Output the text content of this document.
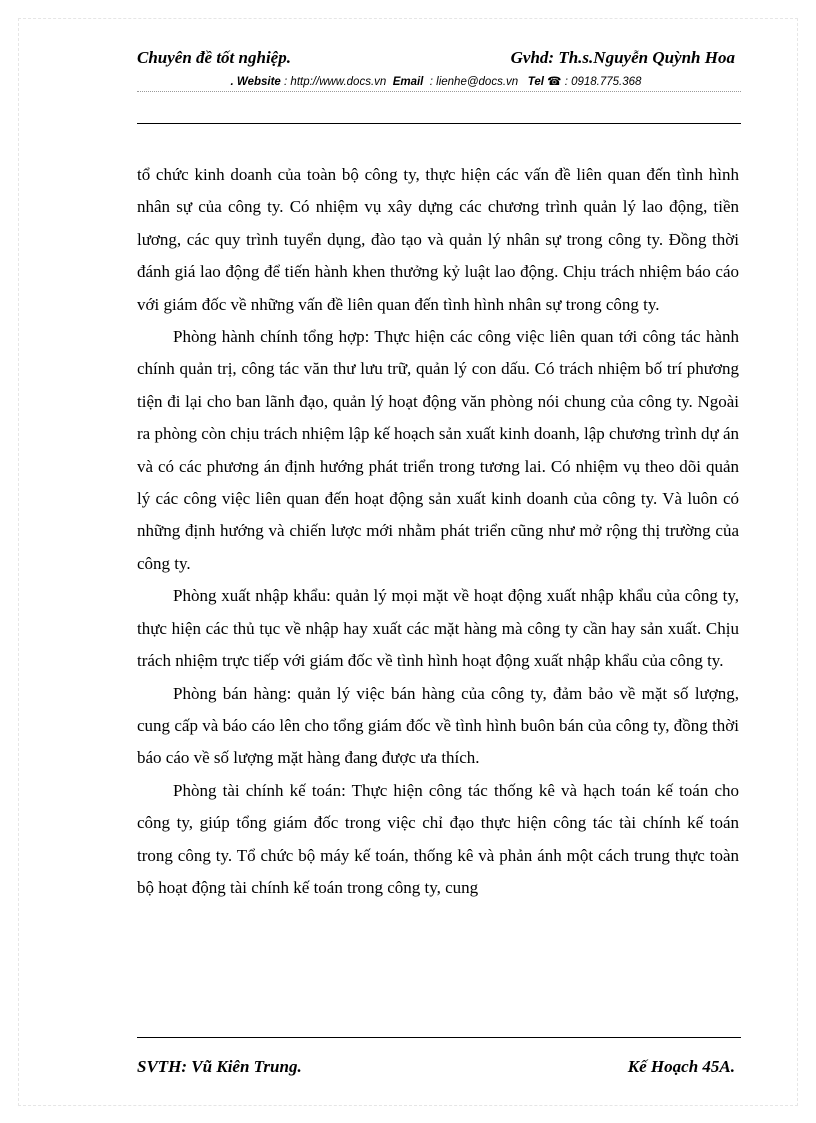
Chuyên đề tốt nghiệp.	Gvhd: Th.s.Nguyễn Quỳnh Hoa
. Website : http://www.docs.vn Email : lienhe@docs.vn Tel ☎ : 0918.775.368

tổ chức kinh doanh của toàn bộ công ty, thực hiện các vấn đề liên quan đến tình hình nhân sự của công ty. Có nhiệm vụ xây dựng các chương trình quản lý lao động, tiền lương, các quy trình tuyển dụng, đào tạo và quản lý nhân sự trong công ty. Đồng thời đánh giá lao động để tiến hành khen thưởng kỷ luật lao động. Chịu trách nhiệm báo cáo với giám đốc về những vấn đề liên quan đến tình hình nhân sự trong công ty.

Phòng hành chính tổng hợp: Thực hiện các công việc liên quan tới công tác hành chính quản trị, công tác văn thư lưu trữ, quản lý con dấu. Có trách nhiệm bố trí phương tiện đi lại cho ban lãnh đạo, quản lý hoạt động văn phòng nói chung của công ty. Ngoài ra phòng còn chịu trách nhiệm lập kế hoạch sản xuất kinh doanh, lập chương trình dự án và có các phương án định hướng phát triển trong tương lai. Có nhiệm vụ theo dõi quản lý các công việc liên quan đến hoạt động sản xuất kinh doanh của công ty. Và luôn có những định hướng và chiến lược mới nhằm phát triển cũng như mở rộng thị trường của công ty.

Phòng xuất nhập khẩu: quản lý mọi mặt về hoạt động xuất nhập khẩu của công ty, thực hiện các thủ tục về nhập hay xuất các mặt hàng mà công ty cần hay sản xuất. Chịu trách nhiệm trực tiếp với giám đốc về tình hình hoạt động xuất nhập khẩu của công ty.

Phòng bán hàng: quản lý việc bán hàng của công ty, đảm bảo về mặt số lượng, cung cấp và báo cáo lên cho tổng giám đốc về tình hình buôn bán của công ty, đồng thời báo cáo về số lượng mặt hàng đang được ưa thích.

Phòng tài chính kế toán: Thực hiện công tác thống kê và hạch toán kế toán cho công ty, giúp tổng giám đốc trong việc chỉ đạo thực hiện công tác tài chính kế toán trong công ty. Tổ chức bộ máy kế toán, thống kê và phản ánh một cách trung thực toàn bộ hoạt động tài chính kế toán trong công ty, cung

SVTH: Vũ Kiên Trung.	Kế Hoạch 45A.
